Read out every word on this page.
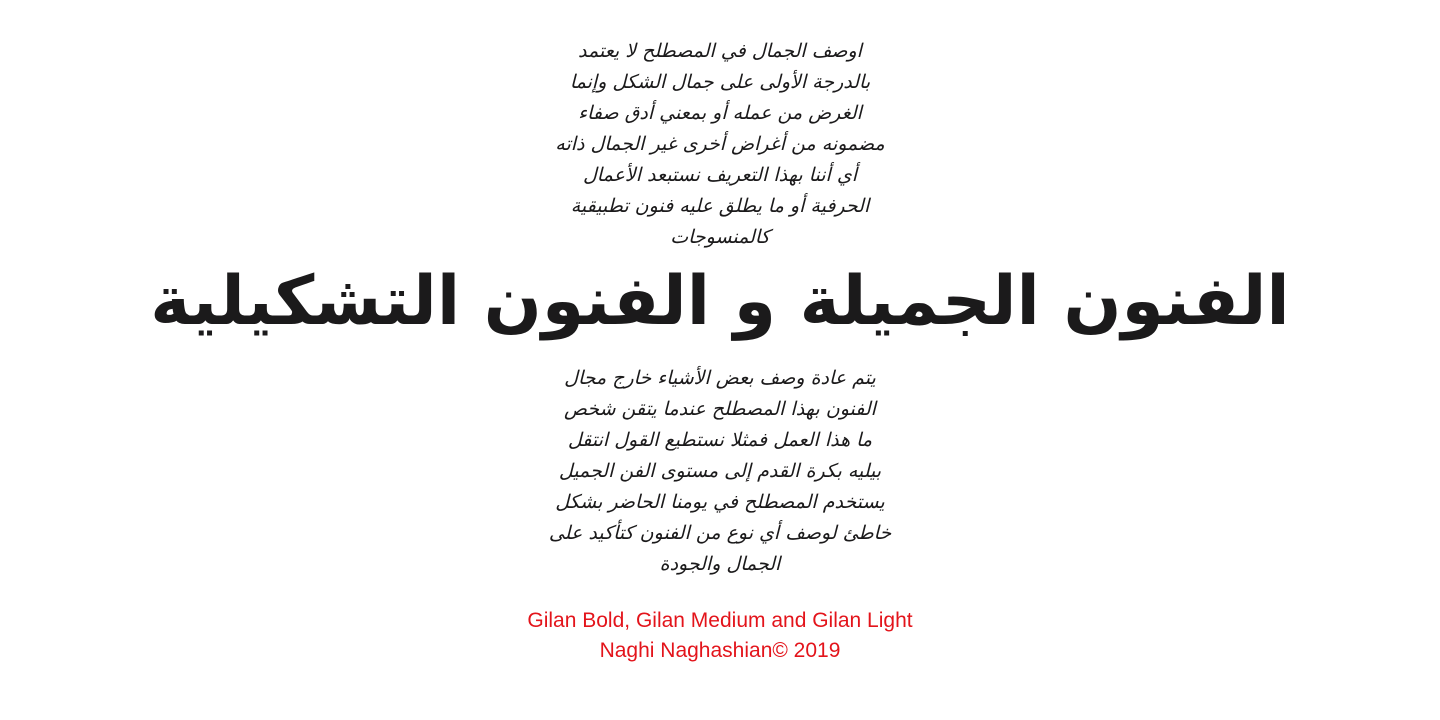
اوصف الجمال في المصطلح لا يعتمد
بالدرجة الأولى على جمال الشكل وإنما
الغرض من عمله أو بمعني أدق صفاء
مضمونه من أغراض أخرى غير الجمال ذاته
أي أننا بهذا التعريف نستبعد الأعمال
الحرفية أو ما يطلق عليه فنون تطبيقية
كالمنسوجات
الفنون الجميلة و الفنون التشكيلية
يتم عادة وصف بعض الأشياء خارج مجال
الفنون بهذا المصطلح عندما يتقن شخص
ما هذا العمل فمثلا نستطيع القول انتقل
بيليه بكرة القدم إلى مستوى الفن الجميل
يستخدم المصطلح في يومنا الحاضر بشكل
خاطئ لوصف أي نوع من الفنون كتأكيد على
الجمال والجودة
Gilan Bold, Gilan Medium and Gilan Light
Naghi Naghashian© 2019
